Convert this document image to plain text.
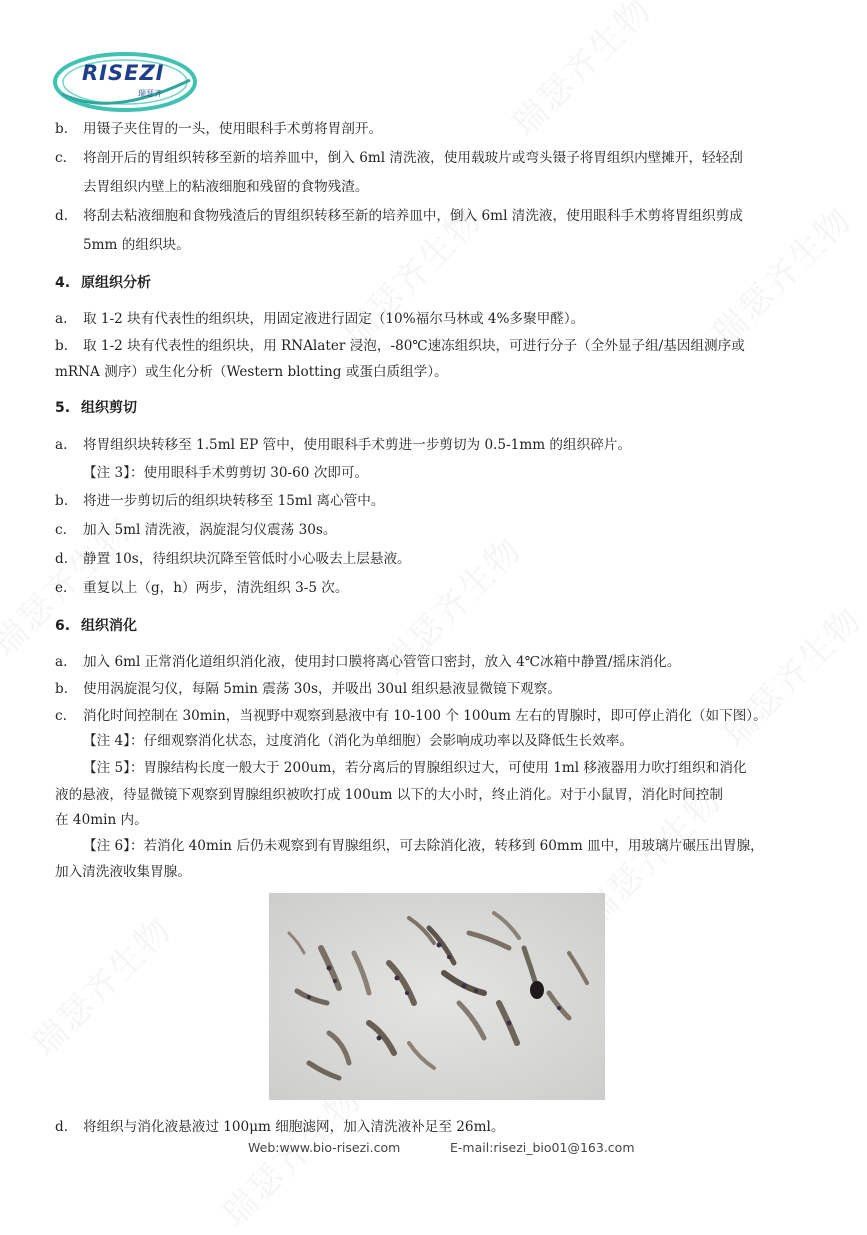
RISEZI
瑞瑟齐
b. 用镊子夹住胃的一头，使用眼科手术剪将胃剖开。
c. 将剖开后的胃组织转移至新的培养皿中，倒入 6ml 清洗液，使用载玻片或弯头镊子将胃组织内壁摊开，轻轻刮
去胃组织内壁上的粘液细胞和残留的食物残渣。
d. 将刮去粘液细胞和食物残渣后的胃组织转移至新的培养皿中，倒入 6ml 清洗液，使用眼科手术剪将胃组织剪成
5mm 的组织块。
4. 原组织分析
a. 取 1-2 块有代表性的组织块，用固定液进行固定（10%福尔马林或 4%多聚甲醛）。
b. 取 1-2 块有代表性的组织块，用 RNAlater 浸泡，-80℃速冻组织块，可进行分子（全外显子组/基因组测序或
mRNA 测序）或生化分析（Western blotting 或蛋白质组学）。
5. 组织剪切
a. 将胃组织块转移至 1.5ml EP 管中，使用眼科手术剪进一步剪切为 0.5-1mm 的组织碎片。
【注 3】：使用眼科手术剪剪切 30-60 次即可。
b. 将进一步剪切后的组织块转移至 15ml 离心管中。
c. 加入 5ml 清洗液，涡旋混匀仪震荡 30s。
d. 静置 10s，待组织块沉降至管低时小心吸去上层悬液。
e. 重复以上（g，h）两步，清洗组织 3-5 次。
6. 组织消化
a. 加入 6ml 正常消化道组织消化液，使用封口膜将离心管管口密封，放入 4℃冰箱中静置/摇床消化。
b. 使用涡旋混匀仪，每隔 5min 震荡 30s，并吸出 30ul 组织悬液显微镜下观察。
c. 消化时间控制在 30min，当视野中观察到悬液中有 10-100 个 100um 左右的胃腺时，即可停止消化（如下图）。
【注 4】：仔细观察消化状态，过度消化（消化为单细胞）会影响成功率以及降低生长效率。
【注 5】：胃腺结构长度一般大于 200um，若分离后的胃腺组织过大，可使用 1ml 移液器用力吹打组织和消化
液的悬液，待显微镜下观察到胃腺组织被吹打成 100um 以下的大小时，终止消化。对于小鼠胃，消化时间控制
在 40min 内。
【注 6】：若消化 40min 后仍未观察到有胃腺组织，可去除消化液，转移到 60mm 皿中，用玻璃片碾压出胃腺，
加入清洗液收集胃腺。
d. 将组织与消化液悬液过 100μm 细胞滤网，加入清洗液补足至 26ml。
Web:www.bio-risezi.com	E-mail:risezi_bio01@163.com
